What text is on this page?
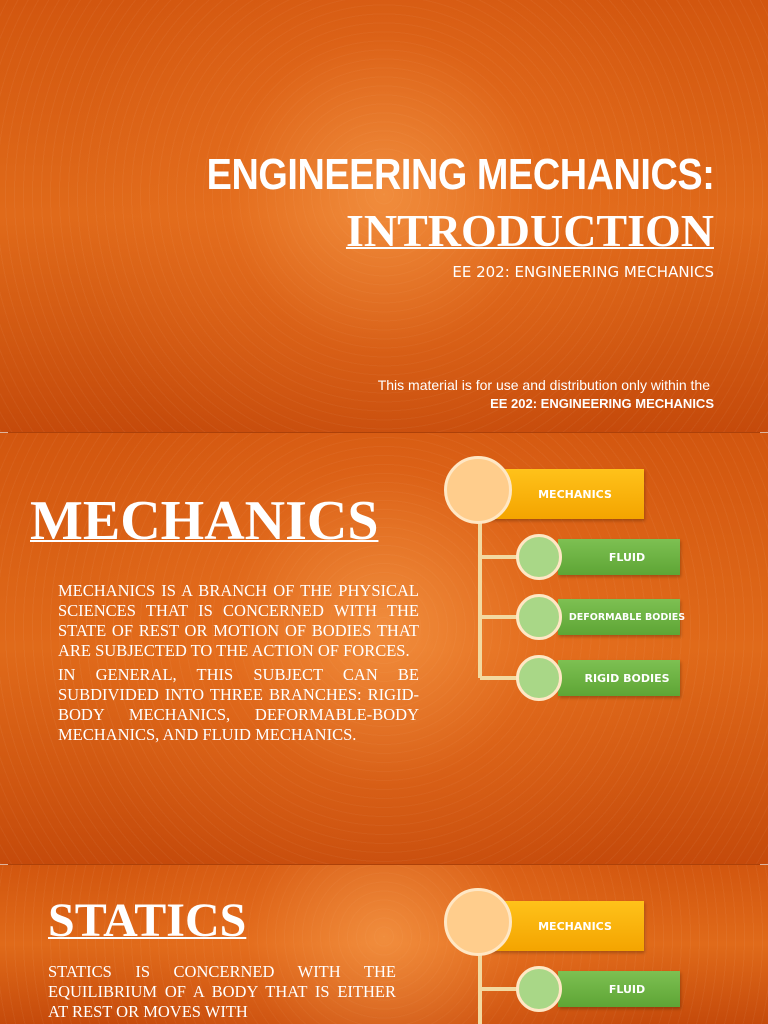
ENGINEERING MECHANICS:
INTRODUCTION
EE 202: ENGINEERING MECHANICS
This material is for use and distribution only within the
EE 202: ENGINEERING MECHANICS
MECHANICS

MECHANICS IS A BRANCH OF THE PHYSICAL SCIENCES THAT IS CONCERNED WITH THE STATE OF REST OR MOTION OF BODIES THAT ARE SUBJECTED TO THE ACTION OF FORCES.

IN GENERAL, THIS SUBJECT CAN BE SUBDIVIDED INTO THREE BRANCHES: RIGID-BODY MECHANICS, DEFORMABLE-BODY MECHANICS, AND FLUID MECHANICS.

MECHANICS
FLUID
DEFORMABLE BODIES
RIGID BODIES
STATICS

STATICS IS CONCERNED WITH THE EQUILIBRIUM OF A BODY THAT IS EITHER AT REST OR MOVES WITH

MECHANICS
FLUID
